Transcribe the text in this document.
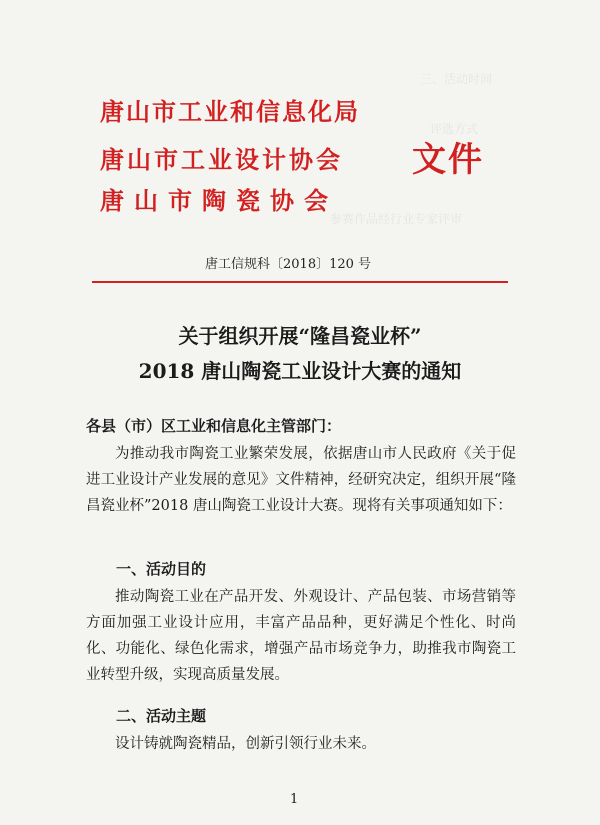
三、活动时间
评选方式
参赛作品经行业专家评审
唐山市工业和信息化局
唐山市工业设计协会
唐山市陶瓷协会
文件
唐工信规科〔2018〕120 号
关于组织开展“隆昌瓷业杯”
2018 唐山陶瓷工业设计大赛的通知
各县（市）区工业和信息化主管部门：
为推动我市陶瓷工业繁荣发展，依据唐山市人民政府《关于促进工业设计产业发展的意见》文件精神，经研究决定，组织开展“隆昌瓷业杯”2018 唐山陶瓷工业设计大赛。现将有关事项通知如下：
一、活动目的
推动陶瓷工业在产品开发、外观设计、产品包装、市场营销等方面加强工业设计应用，丰富产品品种，更好满足个性化、时尚化、功能化、绿色化需求，增强产品市场竞争力，助推我市陶瓷工业转型升级，实现高质量发展。
二、活动主题
设计铸就陶瓷精品，创新引领行业未来。
1
